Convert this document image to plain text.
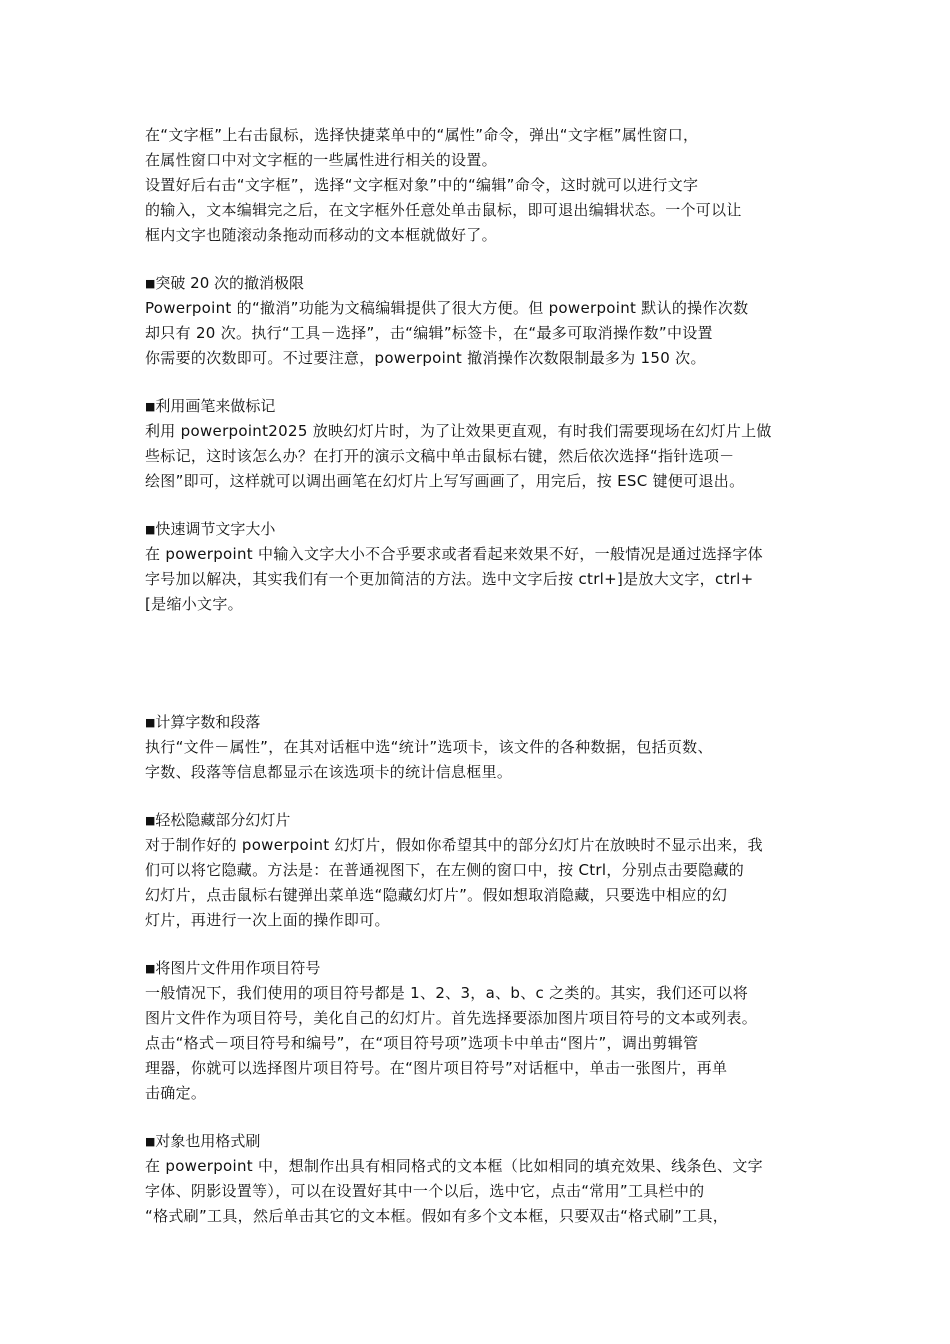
在“文字框”上右击鼠标，选择快捷菜单中的“属性”命令，弹出“文字框”属性窗口，
在属性窗口中对文字框的一些属性进行相关的设置。
设置好后右击“文字框”，选择“文字框对象”中的“编辑”命令，这时就可以进行文字
的输入，文本编辑完之后，在文字框外任意处单击鼠标，即可退出编辑状态。一个可以让
框内文字也随滚动条拖动而移动的文本框就做好了。

■突破 20 次的撤消极限

Powerpoint 的“撤消”功能为文稿编辑提供了很大方便。但 powerpoint 默认的操作次数
却只有 20 次。执行“工具－选择”，击“编辑”标签卡，在“最多可取消操作数”中设置
你需要的次数即可。不过要注意，powerpoint 撤消操作次数限制最多为 150 次。

■利用画笔来做标记

利用 powerpoint2025 放映幻灯片时，为了让效果更直观，有时我们需要现场在幻灯片上做
些标记，这时该怎么办？在打开的演示文稿中单击鼠标右键，然后依次选择“指针选项－
绘图”即可，这样就可以调出画笔在幻灯片上写写画画了，用完后，按 ESC 键便可退出。

■快速调节文字大小

在 powerpoint 中输入文字大小不合乎要求或者看起来效果不好，一般情况是通过选择字体
字号加以解决，其实我们有一个更加简洁的方法。选中文字后按 ctrl+]是放大文字，ctrl+
[是缩小文字。

■计算字数和段落

执行“文件－属性”，在其对话框中选“统计”选项卡，该文件的各种数据，包括页数、
字数、段落等信息都显示在该选项卡的统计信息框里。

■轻松隐藏部分幻灯片

对于制作好的 powerpoint 幻灯片，假如你希望其中的部分幻灯片在放映时不显示出来，我
们可以将它隐藏。方法是：在普通视图下，在左侧的窗口中，按 Ctrl，分别点击要隐藏的
幻灯片，点击鼠标右键弹出菜单选“隐藏幻灯片”。假如想取消隐藏，只要选中相应的幻
灯片，再进行一次上面的操作即可。

■将图片文件用作项目符号

一般情况下，我们使用的项目符号都是 1、2、3，a、b、c 之类的。其实，我们还可以将
图片文件作为项目符号，美化自己的幻灯片。首先选择要添加图片项目符号的文本或列表。
点击“格式－项目符号和编号”，在“项目符号项”选项卡中单击“图片”，调出剪辑管
理器，你就可以选择图片项目符号。在“图片项目符号”对话框中，单击一张图片，再单
击确定。

■对象也用格式刷

在 powerpoint 中，想制作出具有相同格式的文本框（比如相同的填充效果、线条色、文字
字体、阴影设置等），可以在设置好其中一个以后，选中它，点击“常用”工具栏中的
“格式刷”工具，然后单击其它的文本框。假如有多个文本框，只要双击“格式刷”工具，
